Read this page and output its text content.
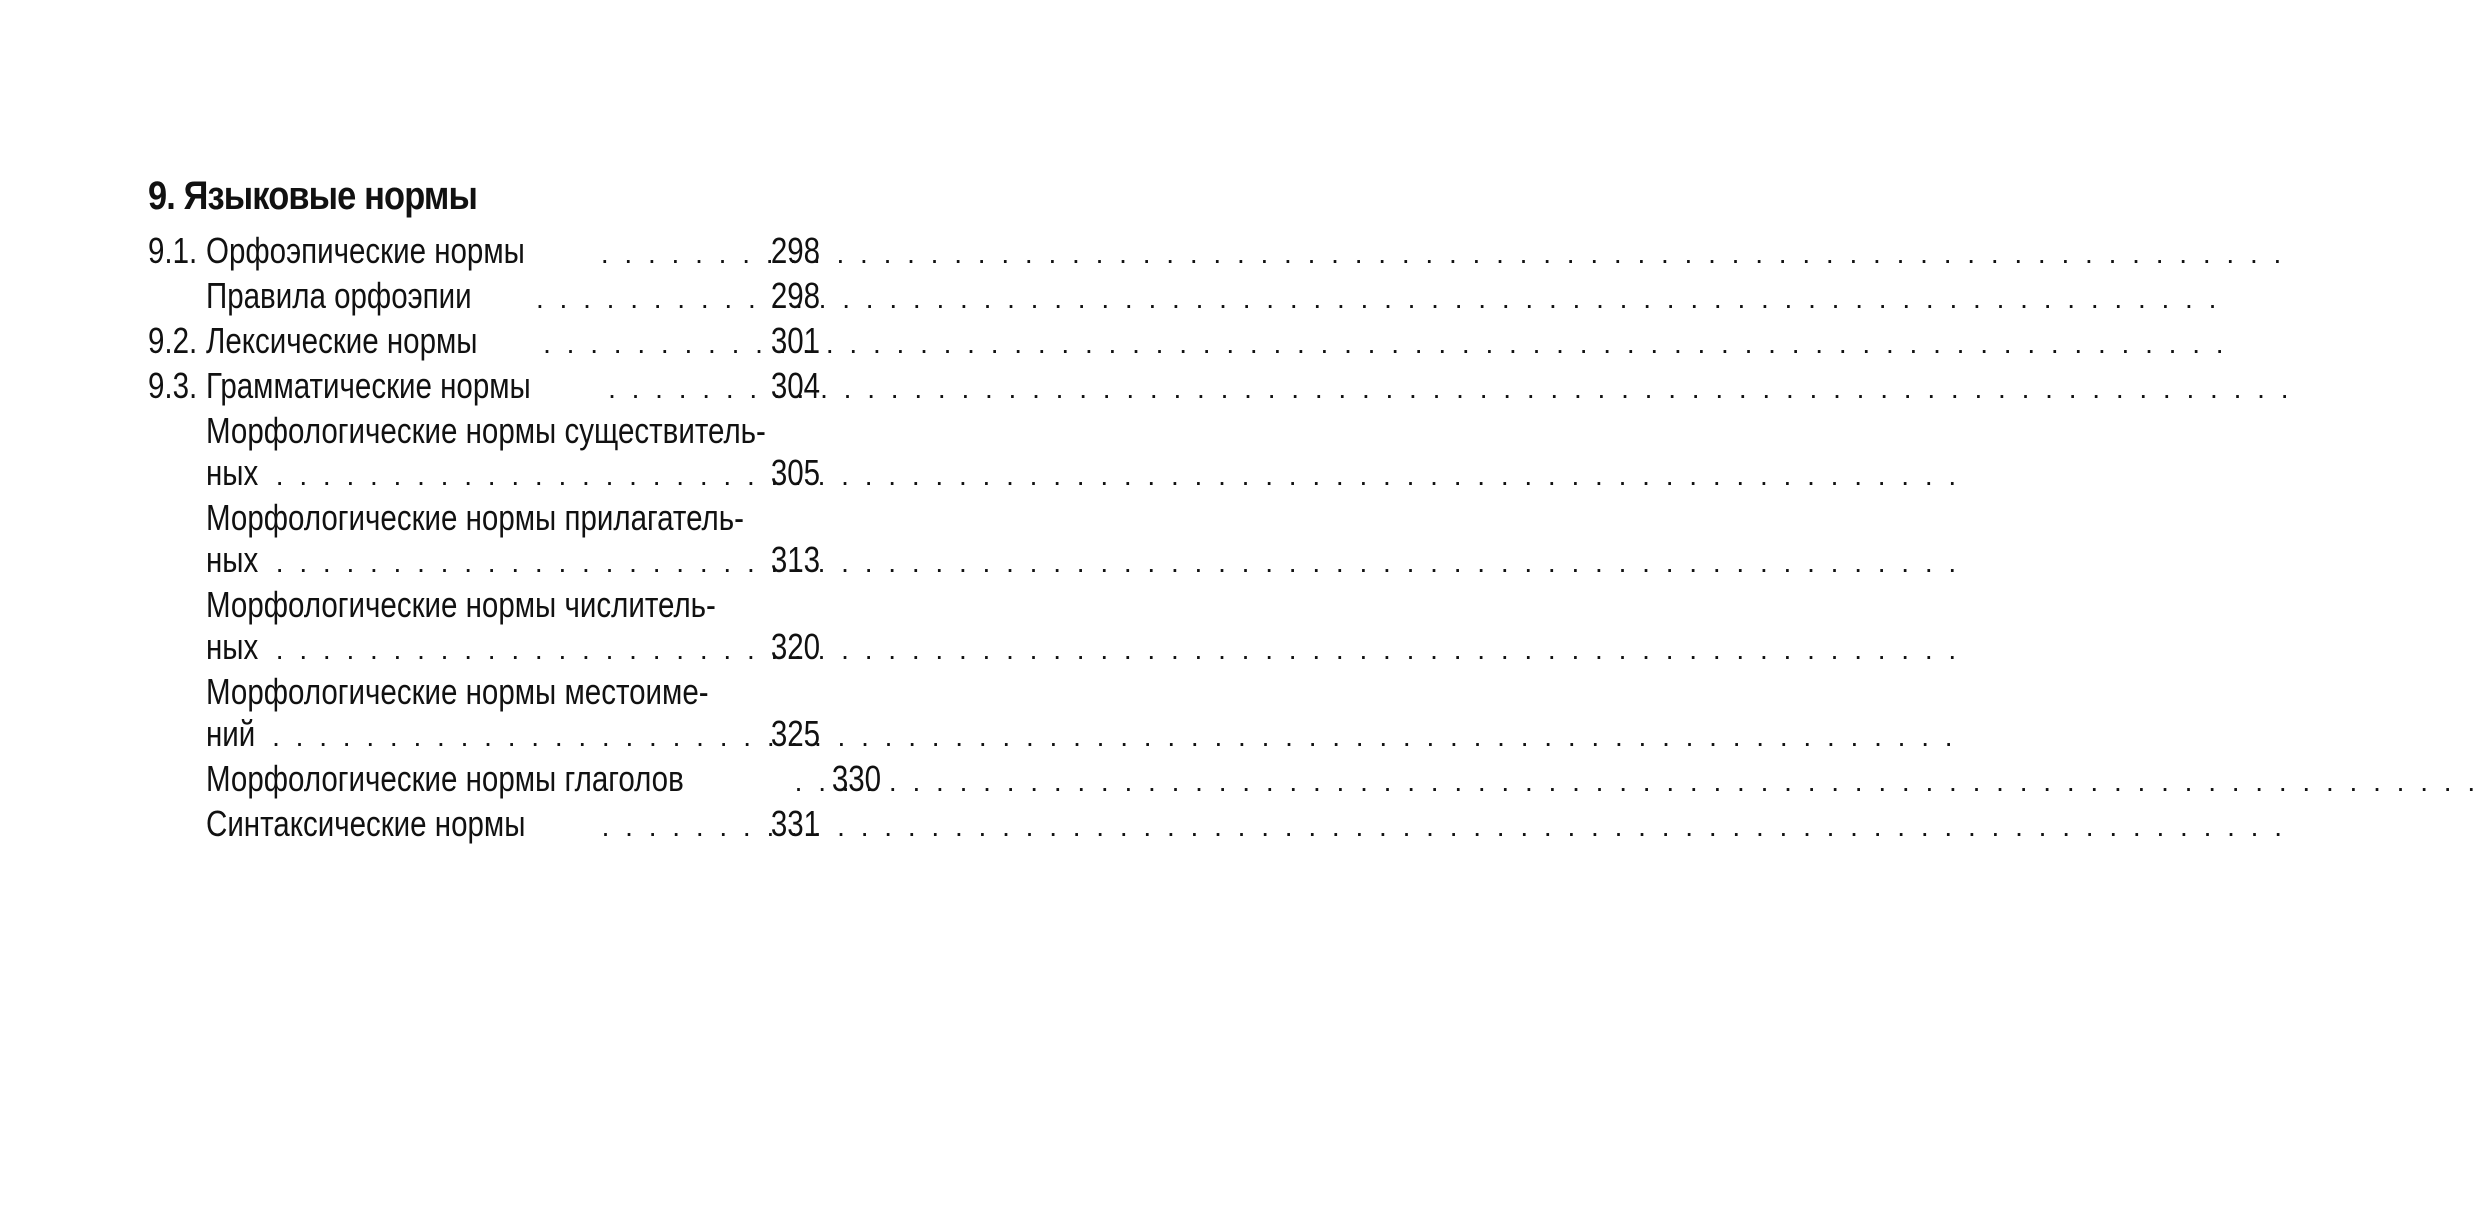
9. Языковые нормы
9.1. Орфоэпические нормы . . .	298
Правила орфоэпии . . .	298
9.2. Лексические нормы . . .	301
9.3. Грамматические нормы . . .	304
Морфологические нормы существитель-
ных . . .	305
Морфологические нормы прилагатель-
ных . . .	313
Морфологические нормы числитель-
ных . . .	320
Морфологические нормы местоиме-
ний . . .	325
Морфологические нормы глаголов . . .	330
Синтаксические нормы . . .	331
